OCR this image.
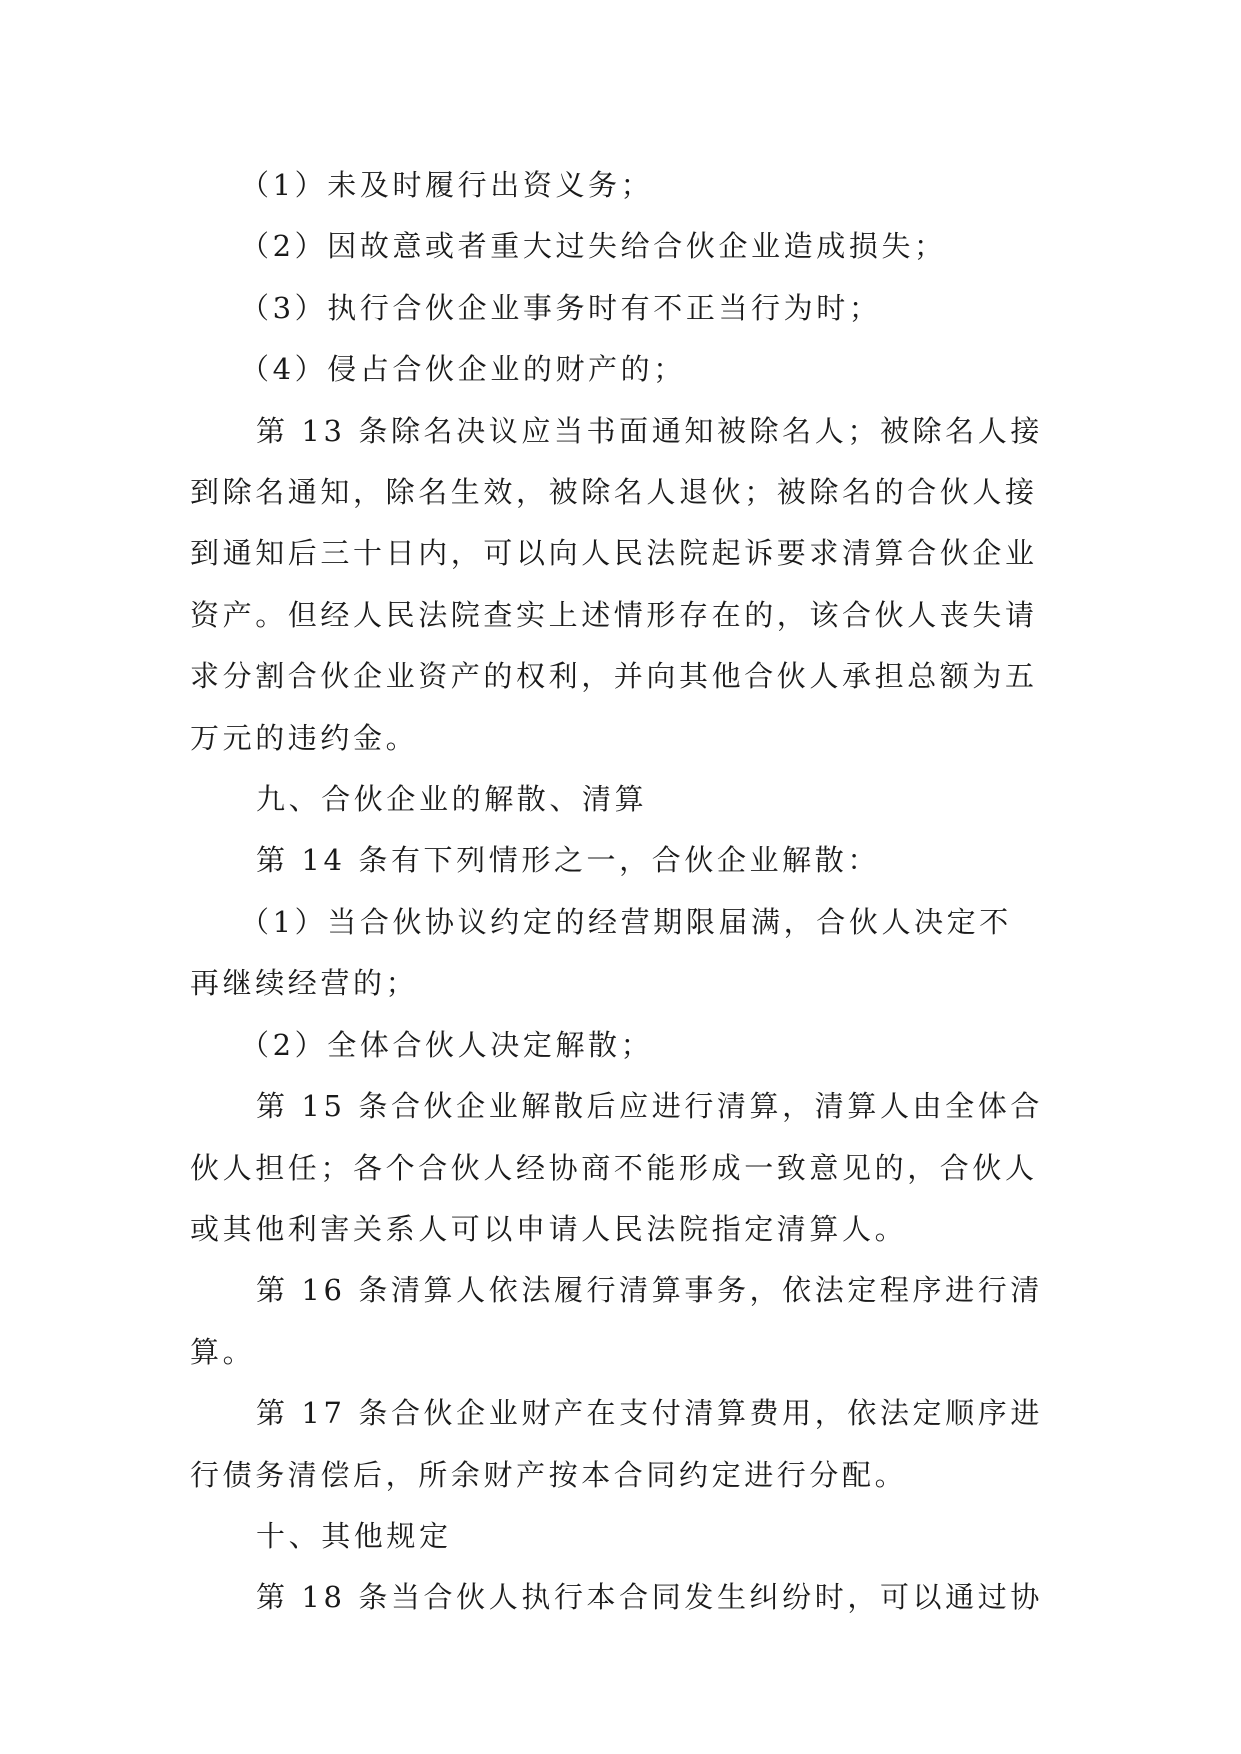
（1）未及时履行出资义务；

（2）因故意或者重大过失给合伙企业造成损失；

（3）执行合伙企业事务时有不正当行为时；

（4）侵占合伙企业的财产的；

第 13 条除名决议应当书面通知被除名人；被除名人接

到除名通知，除名生效，被除名人退伙；被除名的合伙人接

到通知后三十日内，可以向人民法院起诉要求清算合伙企业

资产。但经人民法院查实上述情形存在的，该合伙人丧失请

求分割合伙企业资产的权利，并向其他合伙人承担总额为五

万元的违约金。

九、合伙企业的解散、清算

第 14 条有下列情形之一，合伙企业解散：

（1）当合伙协议约定的经营期限届满，合伙人决定不

再继续经营的；

（2）全体合伙人决定解散；

第 15 条合伙企业解散后应进行清算，清算人由全体合

伙人担任；各个合伙人经协商不能形成一致意见的，合伙人

或其他利害关系人可以申请人民法院指定清算人。

第 16 条清算人依法履行清算事务，依法定程序进行清

算。

第 17 条合伙企业财产在支付清算费用，依法定顺序进

行债务清偿后，所余财产按本合同约定进行分配。

十、其他规定

第 18 条当合伙人执行本合同发生纠纷时，可以通过协
